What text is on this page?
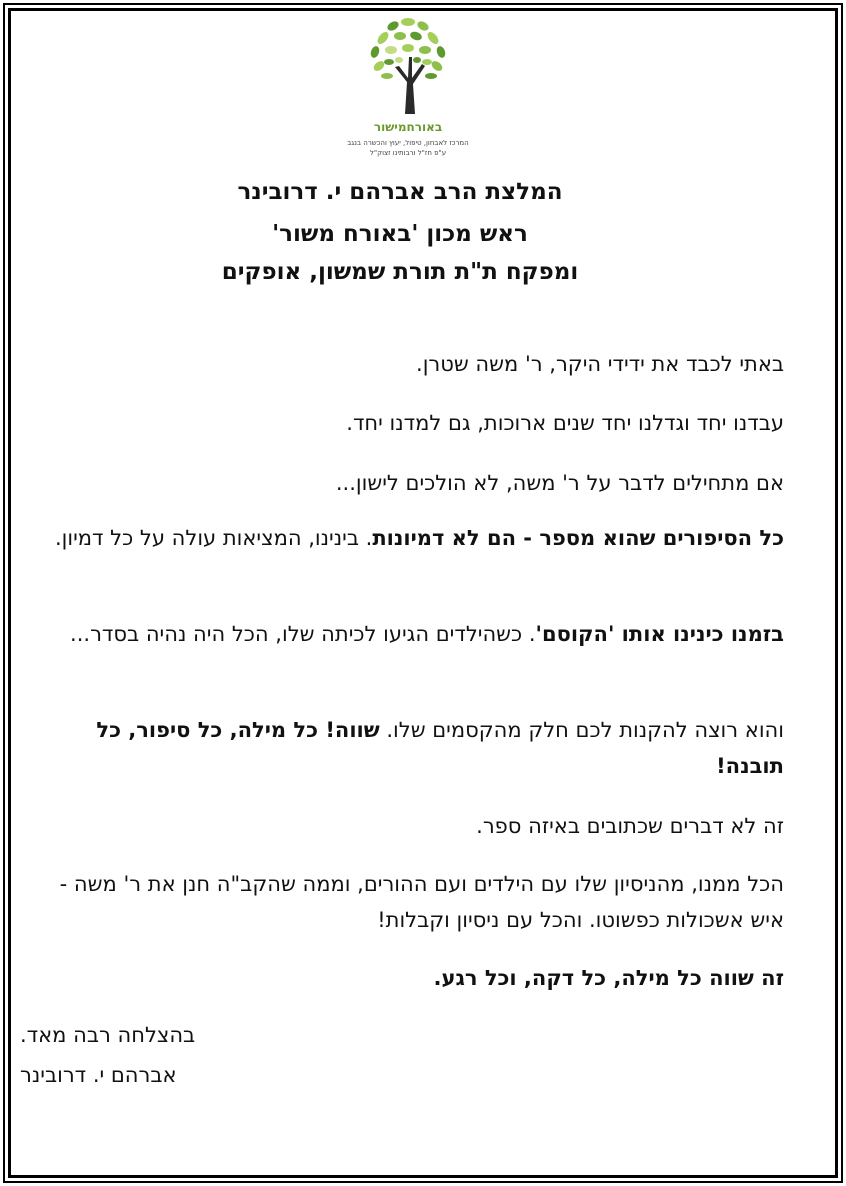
באורחמישור
המרכז לאבחון, טיפול, יעוץ והכשרה בנגב
ע"פ חז"ל ורבותינו זצוק"ל
המלצת הרב אברהם י. דרובינר
ראש מכון 'באורח משור'
ומפקח ת"ת תורת שמשון, אופקים

באתי לכבד את ידידי היקר, ר' משה שטרן.

עבדנו יחד וגדלנו יחד שנים ארוכות, גם למדנו יחד.

אם מתחילים לדבר על ר' משה, לא הולכים לישון...

כל הסיפורים שהוא מספר - הם לא דמיונות. בינינו, המציאות עולה על כל דמיון.

בזמנו כינינו אותו 'הקוסם'. כשהילדים הגיעו לכיתה שלו, הכל היה נהיה בסדר...

והוא רוצה להקנות לכם חלק מהקסמים שלו. שווה! כל מילה, כל סיפור, כל תובנה!

זה לא דברים שכתובים באיזה ספר.

הכל ממנו, מהניסיון שלו עם הילדים ועם ההורים, וממה שהקב"ה חנן את ר' משה - איש אשכולות כפשוטו. והכל עם ניסיון וקבלות!

זה שווה כל מילה, כל דקה, וכל רגע.

בהצלחה רבה מאד.
אברהם י. דרובינר
